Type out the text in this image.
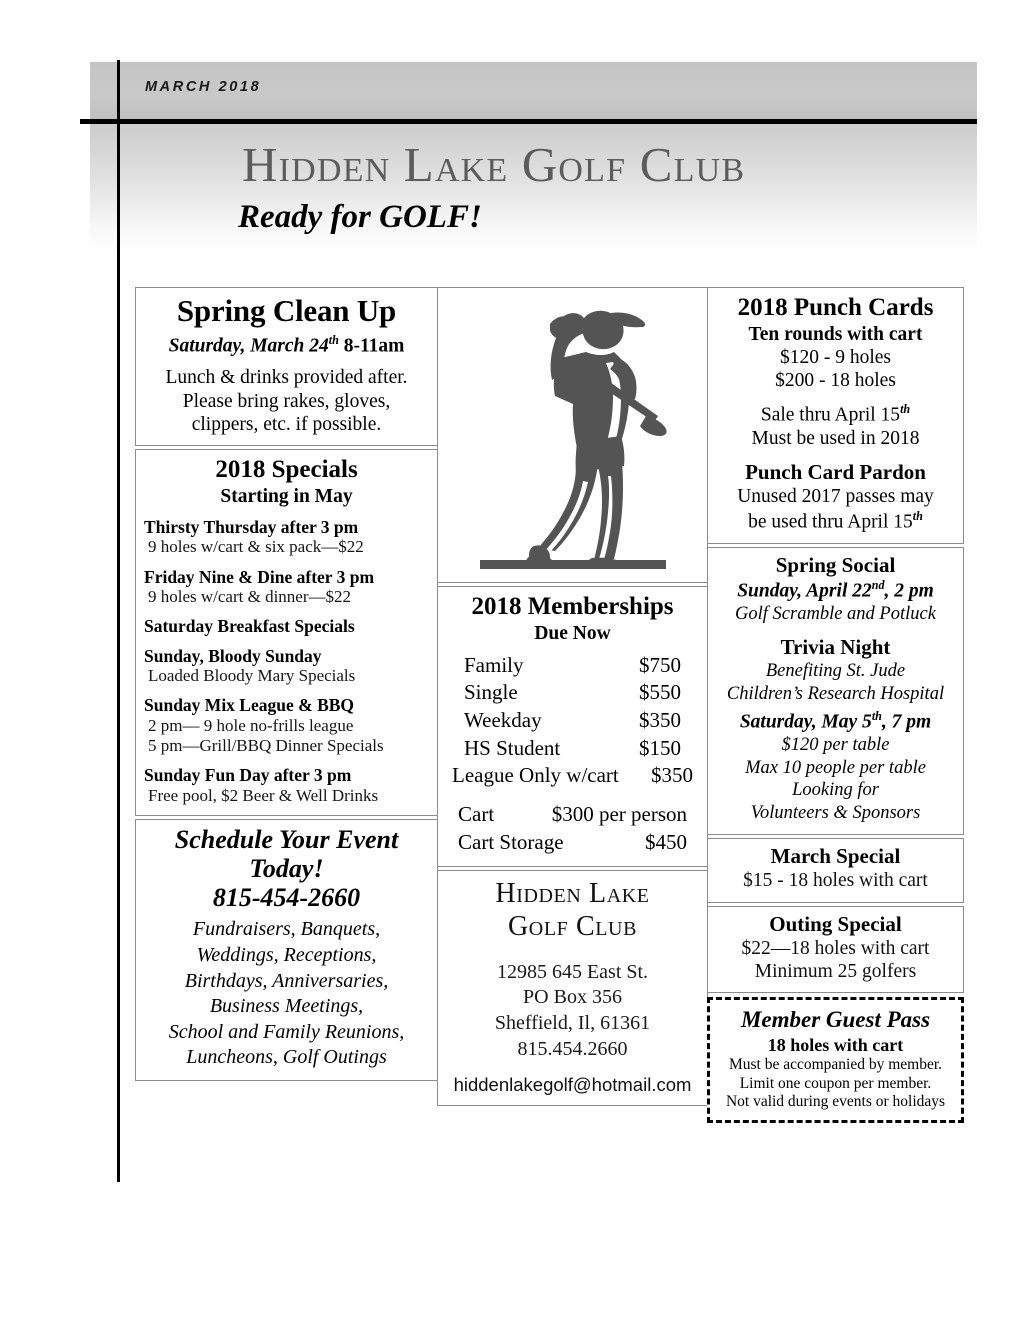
MARCH 2018
Hidden Lake Golf Club
Ready for GOLF!
Spring Clean Up
Saturday, March 24th 8-11am
Lunch & drinks provided after.
Please bring rakes, gloves,
clippers, etc. if possible.
2018 Specials
Starting in May
Thirsty Thursday after 3 pm
9 holes w/cart & six pack—$22
Friday Nine & Dine after 3 pm
9 holes w/cart & dinner—$22
Saturday Breakfast Specials
Sunday, Bloody Sunday
Loaded Bloody Mary Specials
Sunday Mix League & BBQ
2 pm— 9 hole no-frills league
5 pm—Grill/BBQ Dinner Specials
Sunday Fun Day after 3 pm
Free pool, $2 Beer & Well Drinks
Schedule Your Event
Today!
815-454-2660
Fundraisers, Banquets,
Weddings, Receptions,
Birthdays, Anniversaries,
Business Meetings,
School and Family Reunions,
Luncheons, Golf Outings
2018 Memberships
Due Now
Family	$750
Single	$550
Weekday	$350
HS Student	$150
League Only w/cart $350
Cart	$300 per person
Cart Storage	$450
Hidden Lake
Golf Club
12985 645 East St.
PO Box 356
Sheffield, Il, 61361
815.454.2660
hiddenlakegolf@hotmail.com
2018 Punch Cards
Ten rounds with cart
$120 - 9 holes
$200 - 18 holes
Sale thru April 15th
Must be used in 2018
Punch Card Pardon
Unused 2017 passes may
be used thru April 15th
Spring Social
Sunday, April 22nd, 2 pm
Golf Scramble and Potluck
Trivia Night
Benefiting St. Jude
Children’s Research Hospital
Saturday, May 5th, 7 pm
$120 per table
Max 10 people per table
Looking for
Volunteers & Sponsors
March Special
$15 - 18 holes with cart
Outing Special
$22—18 holes with cart
Minimum 25 golfers
Member Guest Pass
18 holes with cart
Must be accompanied by member.
Limit one coupon per member.
Not valid during events or holidays
